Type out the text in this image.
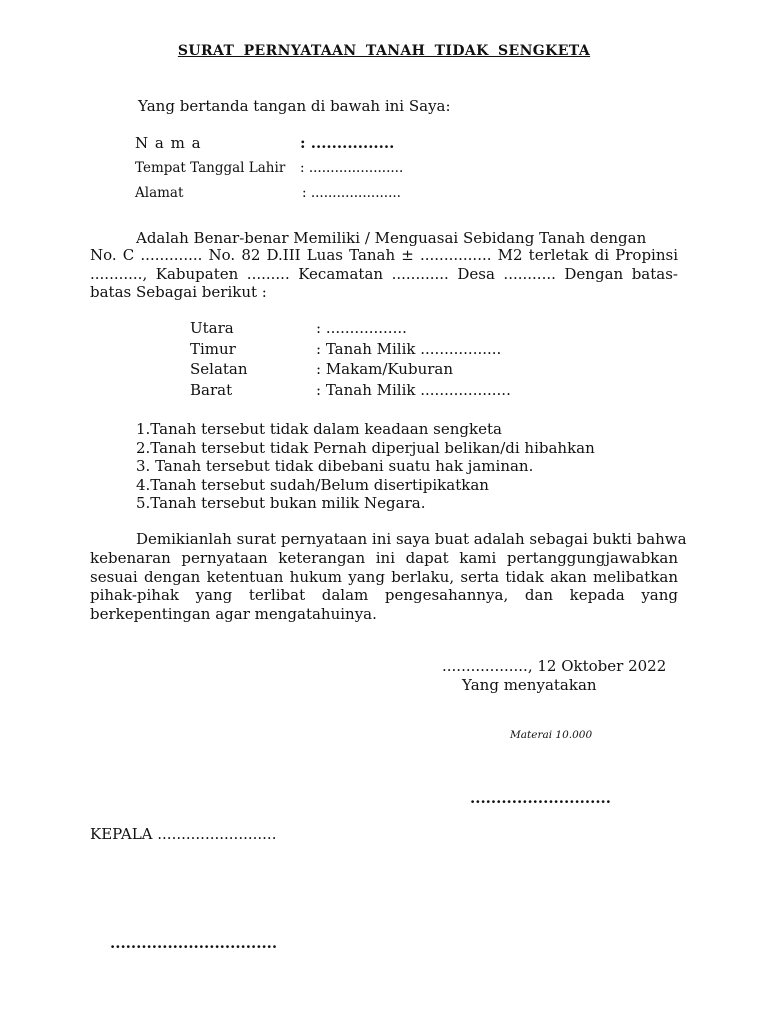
SURAT PERNYATAAN TANAH TIDAK SENGKETA
Yang bertanda tangan di bawah ini Saya:
N a m a	: ................
Tempat Tanggal Lahir : ......................
Alamat	: .....................
Adalah Benar-benar Memiliki / Menguasai Sebidang Tanah dengan
No. C ............. No. 82 D.III Luas Tanah ± ............... M2 terletak di Propinsi ..........., Kabupaten ......... Kecamatan ............ Desa ........... Dengan batas-batas Sebagai berikut :
Utara	: .................
Timur	: Tanah Milik .................
Selatan	: Makam/Kuburan
Barat	: Tanah Milik ...................
1.Tanah tersebut tidak dalam keadaan sengketa
2.Tanah tersebut tidak Pernah diperjual belikan/di hibahkan
3. Tanah tersebut tidak dibebani suatu hak jaminan.
4.Tanah tersebut sudah/Belum disertipikatkan
5.Tanah tersebut bukan milik Negara.
Demikianlah surat pernyataan ini saya buat adalah sebagai bukti bahwa
kebenaran pernyataan keterangan ini dapat kami pertanggungjawabkan sesuai dengan ketentuan hukum yang berlaku, serta tidak akan melibatkan pihak-pihak yang terlibat dalam pengesahannya, dan kepada yang berkepentingan agar mengatahuinya.
.................., 12 Oktober 2022
Yang menyatakan
Materai 10.000
...........................
KEPALA .........................
................................
